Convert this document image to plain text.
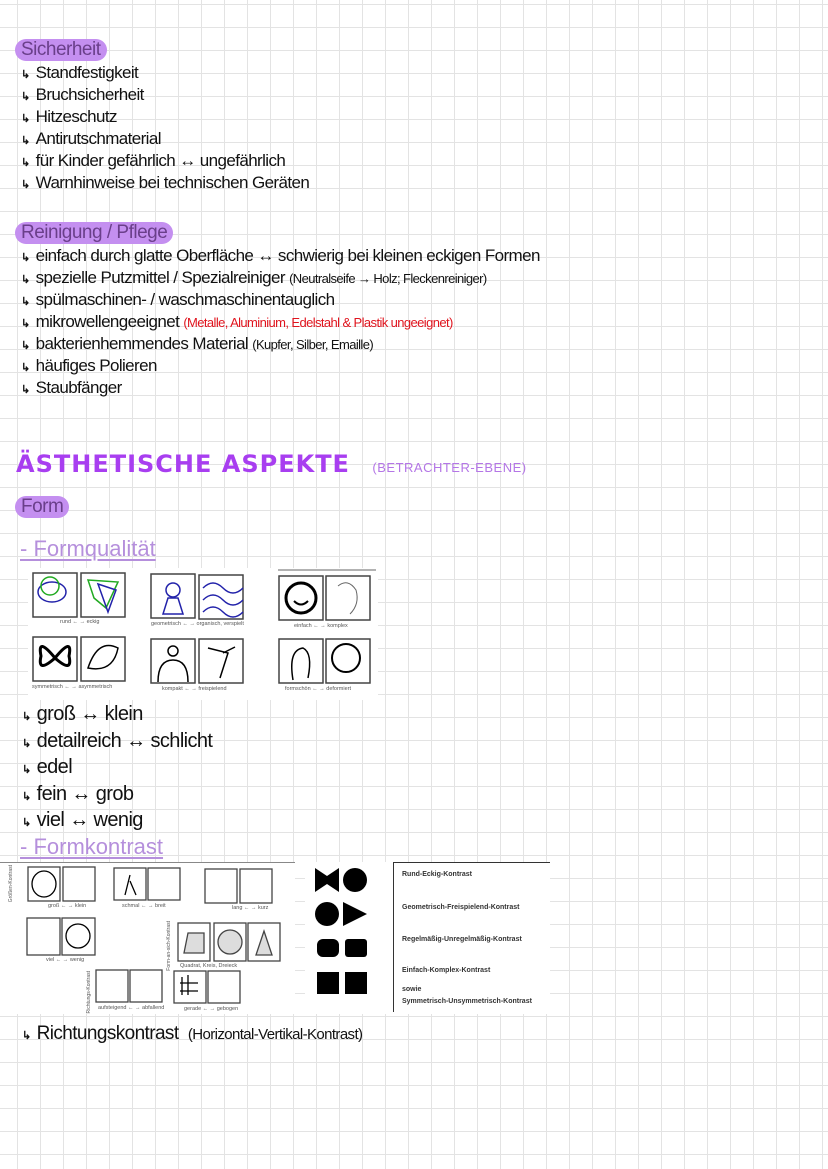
Sicherheit
↳ Standfestigkeit
↳ Bruchsicherheit
↳ Hitzeschutz
↳ Antirutschmaterial
↳ für Kinder gefährlich ↔ ungefährlich
↳ Warnhinweise bei technischen Geräten
Reinigung / Pflege
↳ einfach durch glatte Oberfläche ↔ schwierig bei kleinen eckigen Formen
↳ spezielle Putzmittel / Spezialreiniger (Neutralseife → Holz; Fleckenreiniger)
↳ spülmaschinen- / waschmaschinentauglich
↳ mikrowellengeeignet (Metalle, Aluminium, Edelstahl & Plastik ungeeignet)
↳ bakterienhemmendes Material (Kupfer, Silber, Emaille)
↳ häufiges Polieren
↳ Staubfänger
ÄSTHETISCHE ASPEKTE (BETRACHTER-EBENE)
Form
- Formqualität
rund ← → eckig	geometrisch ← → organisch, verspielt	einfach ← → komplex
symmetrisch ← → asymmetrisch	kompakt ← → freispielend	formschön ← → deformiert
↳ groß ↔ klein
↳ detailreich ↔ schlicht
↳ edel
↳ fein ↔ grob
↳ viel ↔ wenig
- Formkontrast
Größen-Kontrast
Form-an-sich-Kontrast
Richtungs-Kontrast
groß ← → klein	schmal ← → breit	lang ← → kurz
viel ← → wenig
Quadrat, Kreis, Dreieck
aufsteigend ← → abfallend	gerade ← → gebogen
Rund-Eckig-Kontrast
Geometrisch-Freispielend-Kontrast
Regelmäßig-Unregelmäßig-Kontrast
Einfach-Komplex-Kontrast
sowie
Symmetrisch-Unsymmetrisch-Kontrast
↳ Richtungskontrast (Horizontal-Vertikal-Kontrast)
